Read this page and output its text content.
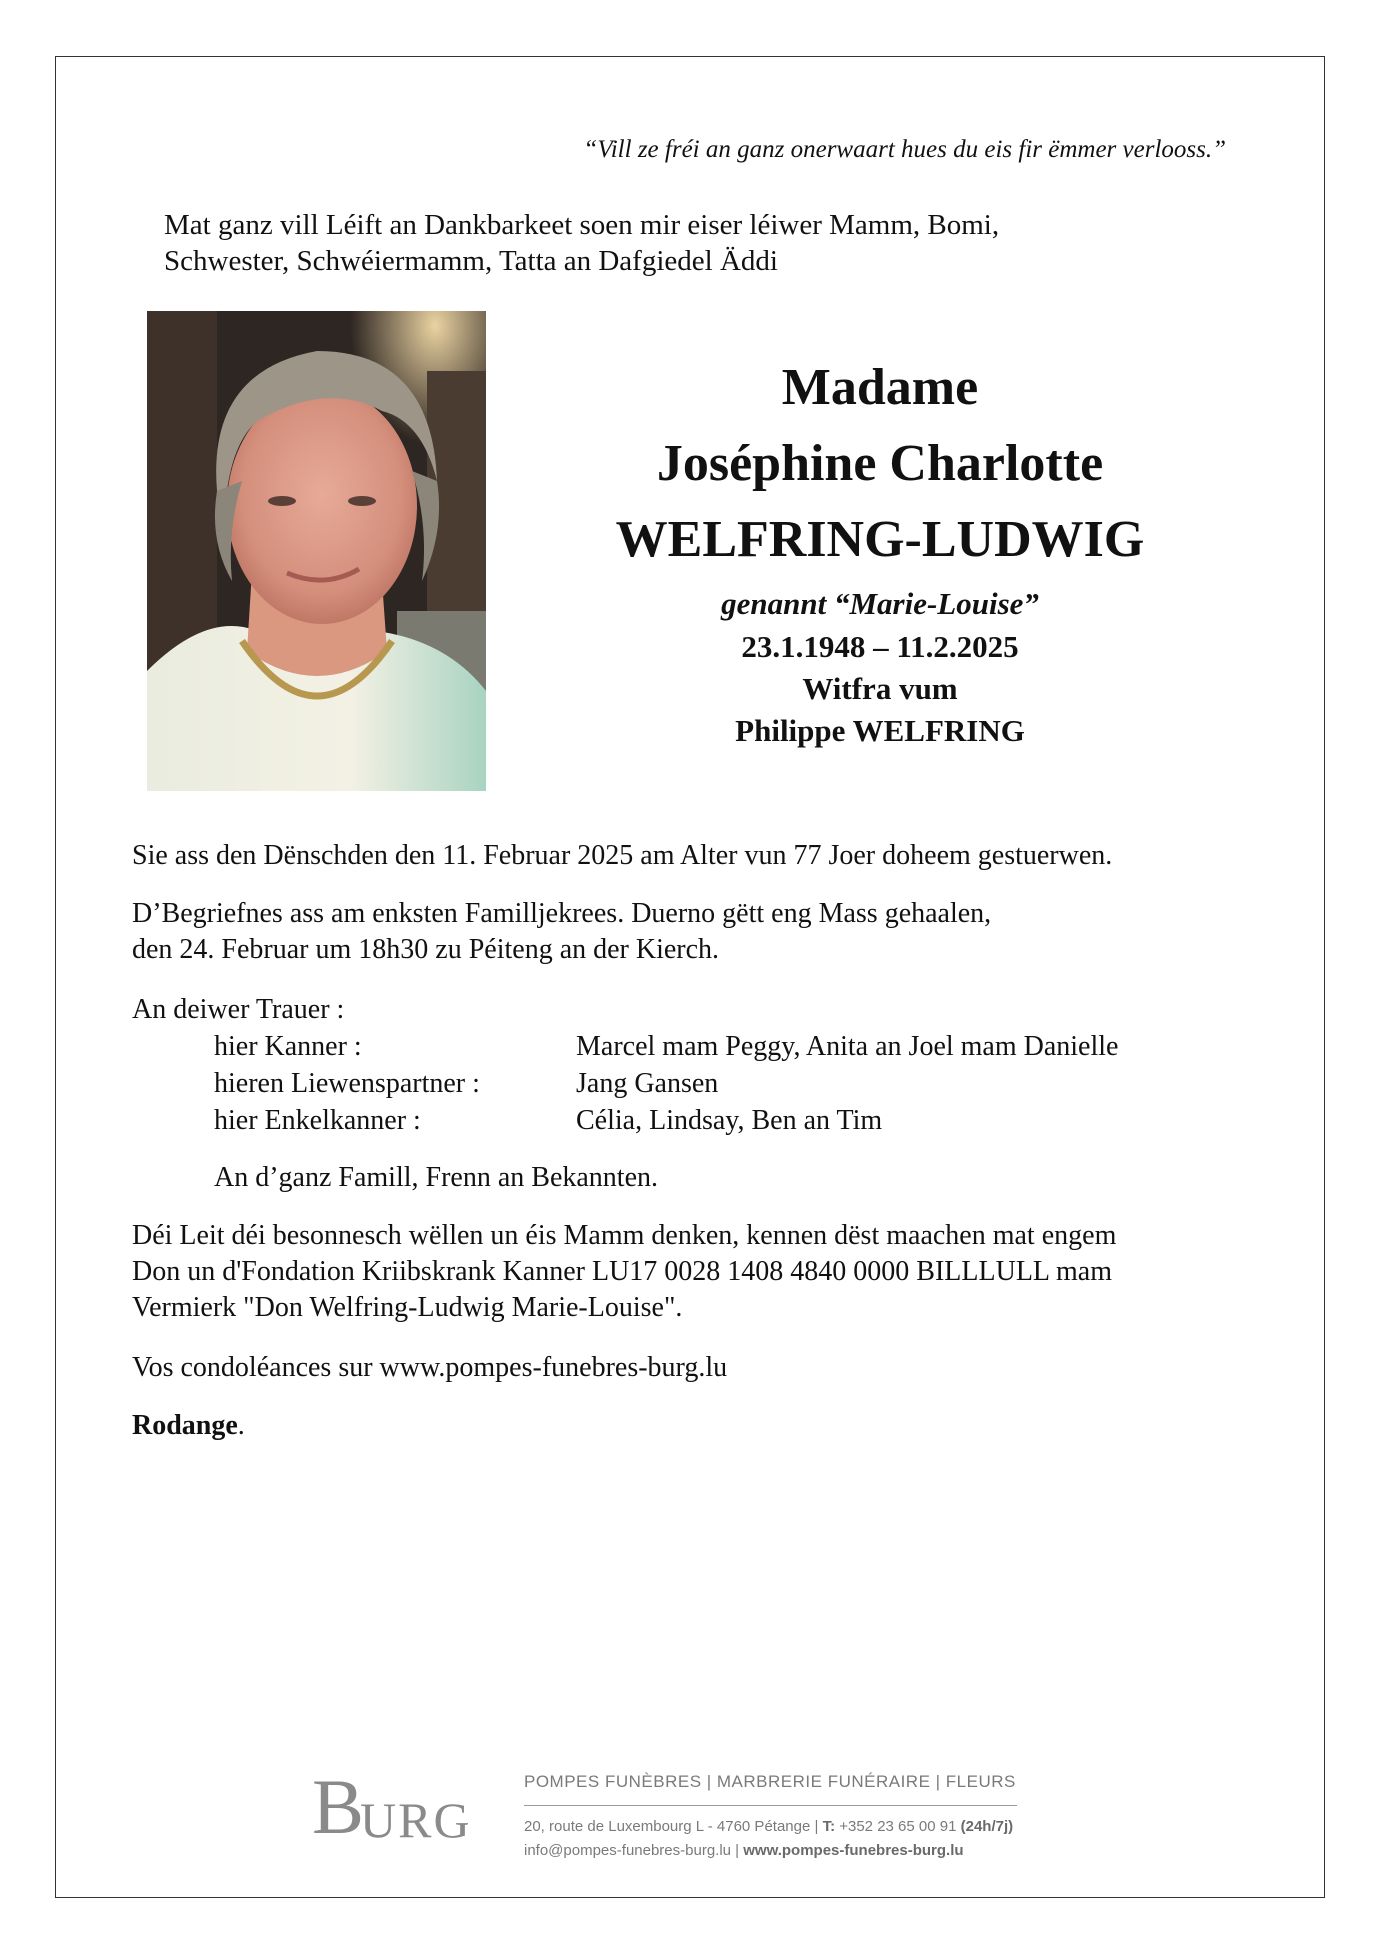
“Vill ze fréi an ganz onerwaart hues du eis fir ëmmer verlooss.”
Mat ganz vill Léift an Dankbarkeet soen mir eiser léiwer Mamm, Bomi,
Schwester, Schwéiermamm, Tatta an Dafgiedel Äddi
Madame
Joséphine Charlotte
WELFRING-LUDWIG
genannt “Marie-Louise”
23.1.1948 – 11.2.2025
Witfra vum
Philippe WELFRING
Sie ass den Dënschden den 11. Februar 2025 am Alter vun 77 Joer doheem gestuerwen.
D’Begriefnes ass am enksten Familljekrees. Duerno gëtt eng Mass gehaalen,
den 24. Februar um 18h30 zu Péiteng an der Kierch.
An deiwer Trauer :
hier Kanner :	Marcel mam Peggy, Anita an Joel mam Danielle
hieren Liewenspartner :	Jang Gansen
hier Enkelkanner :	Célia, Lindsay, Ben an Tim
An d’ganz Famill, Frenn an Bekannten.
Déi Leit déi besonnesch wëllen un éis Mamm denken, kennen dëst maachen mat engem
Don un d'Fondation Kriibskrank Kanner LU17 0028 1408 4840 0000 BILLLULL mam
Vermierk "Don Welfring-Ludwig Marie-Louise".
Vos condoléances sur www.pompes-funebres-burg.lu
Rodange.
BURG
POMPES FUNÈBRES | MARBRERIE FUNÉRAIRE | FLEURS
20, route de Luxembourg L - 4760 Pétange | T: +352 23 65 00 91 (24h/7j)
info@pompes-funebres-burg.lu | www.pompes-funebres-burg.lu
